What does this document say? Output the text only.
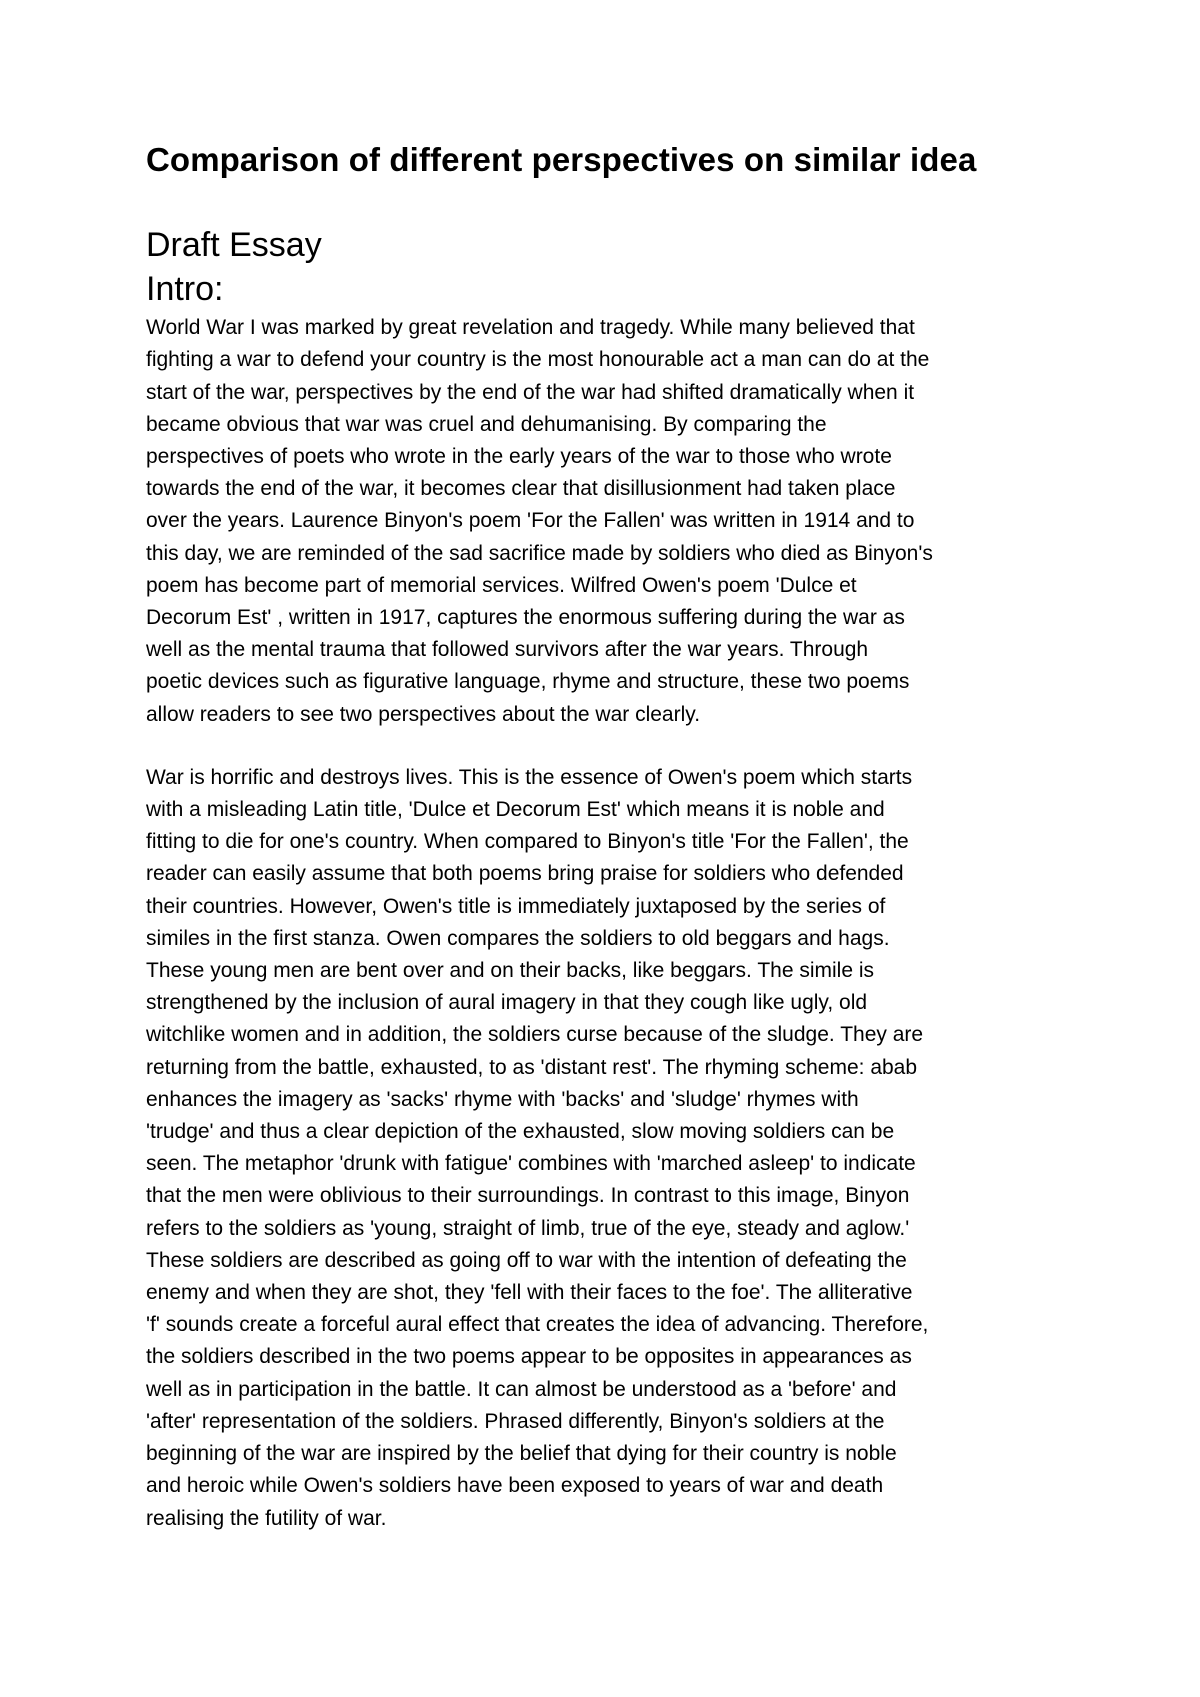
Comparison of different perspectives on similar idea
Draft Essay
Intro:

World War I was marked by great revelation and tragedy. While many believed that
fighting a war to defend your country is the most honourable act a man can do at the
start of the war, perspectives by the end of the war had shifted dramatically when it
became obvious that war was cruel and dehumanising. By comparing the
perspectives of poets who wrote in the early years of the war to those who wrote
towards the end of the war, it becomes clear that disillusionment had taken place
over the years. Laurence Binyon's poem 'For the Fallen' was written in 1914 and to
this day, we are reminded of the sad sacrifice made by soldiers who died as Binyon's
poem has become part of memorial services. Wilfred Owen's poem 'Dulce et
Decorum Est' , written in 1917, captures the enormous suffering during the war as
well as the mental trauma that followed survivors after the war years. Through
poetic devices such as figurative language, rhyme and structure, these two poems
allow readers to see two perspectives about the war clearly.

War is horrific and destroys lives. This is the essence of Owen's poem which starts
with a misleading Latin title, 'Dulce et Decorum Est' which means it is noble and
fitting to die for one's country. When compared to Binyon's title 'For the Fallen', the
reader can easily assume that both poems bring praise for soldiers who defended
their countries. However, Owen's title is immediately juxtaposed by the series of
similes in the first stanza. Owen compares the soldiers to old beggars and hags.
These young men are bent over and on their backs, like beggars. The simile is
strengthened by the inclusion of aural imagery in that they cough like ugly, old
witchlike women and in addition, the soldiers curse because of the sludge. They are
returning from the battle, exhausted, to as 'distant rest'. The rhyming scheme: abab
enhances the imagery as 'sacks' rhyme with 'backs' and 'sludge' rhymes with
'trudge' and thus a clear depiction of the exhausted, slow moving soldiers can be
seen. The metaphor 'drunk with fatigue' combines with 'marched asleep' to indicate
that the men were oblivious to their surroundings. In contrast to this image, Binyon
refers to the soldiers as 'young, straight of limb, true of the eye, steady and aglow.'
These soldiers are described as going off to war with the intention of defeating the
enemy and when they are shot, they 'fell with their faces to the foe'. The alliterative
'f' sounds create a forceful aural effect that creates the idea of advancing. Therefore,
the soldiers described in the two poems appear to be opposites in appearances as
well as in participation in the battle. It can almost be understood as a 'before' and
'after' representation of the soldiers. Phrased differently, Binyon's soldiers at the
beginning of the war are inspired by the belief that dying for their country is noble
and heroic while Owen's soldiers have been exposed to years of war and death
realising the futility of war.
